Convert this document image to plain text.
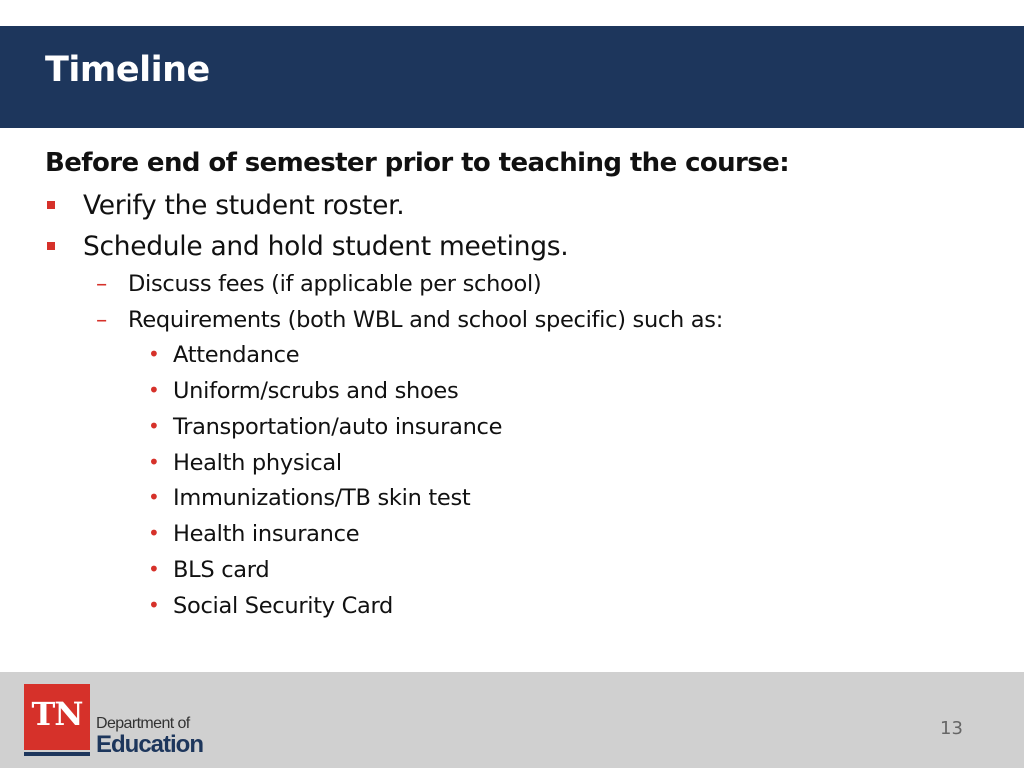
Timeline
Before end of semester prior to teaching the course:
Verify the student roster.
Schedule and hold student meetings.
– Discuss fees (if applicable per school)
– Requirements (both WBL and school specific) such as:
• Attendance
• Uniform/scrubs and shoes
• Transportation/auto insurance
• Health physical
• Immunizations/TB skin test
• Health insurance
• BLS card
• Social Security Card
TN Department of
Education
13
